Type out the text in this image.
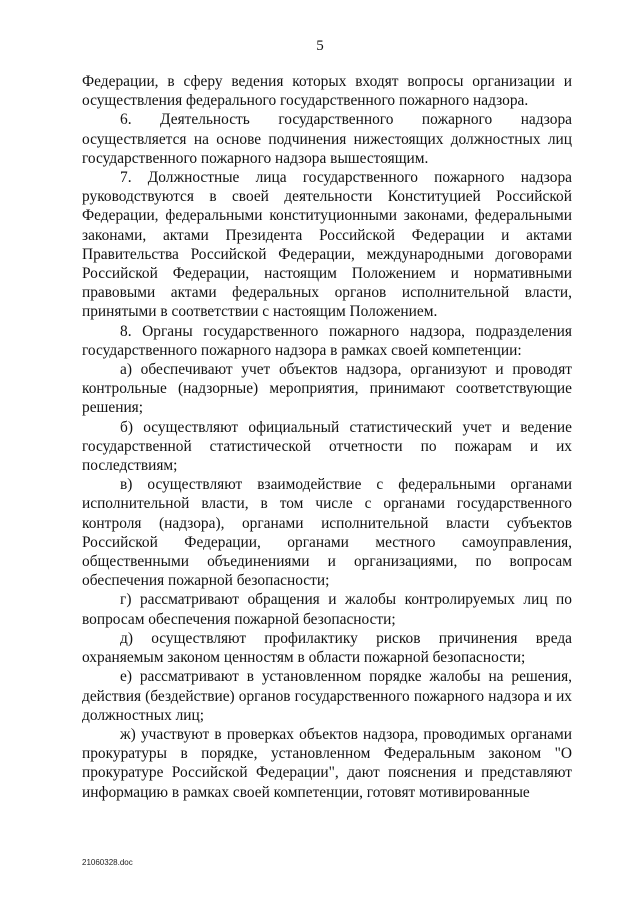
5

Федерации, в сферу ведения которых входят вопросы организации и осуществления федерального государственного пожарного надзора.

6. Деятельность государственного пожарного надзора осуществляется на основе подчинения нижестоящих должностных лиц государственного пожарного надзора вышестоящим.

7. Должностные лица государственного пожарного надзора руководствуются в своей деятельности Конституцией Российской Федерации, федеральными конституционными законами, федеральными законами, актами Президента Российской Федерации и актами Правительства Российской Федерации, международными договорами Российской Федерации, настоящим Положением и нормативными правовыми актами федеральных органов исполнительной власти, принятыми в соответствии с настоящим Положением.

8. Органы государственного пожарного надзора, подразделения государственного пожарного надзора в рамках своей компетенции:

а) обеспечивают учет объектов надзора, организуют и проводят контрольные (надзорные) мероприятия, принимают соответствующие решения;

б) осуществляют официальный статистический учет и ведение государственной статистической отчетности по пожарам и их последствиям;

в) осуществляют взаимодействие с федеральными органами исполнительной власти, в том числе с органами государственного контроля (надзора), органами исполнительной власти субъектов Российской Федерации, органами местного самоуправления, общественными объединениями и организациями, по вопросам обеспечения пожарной безопасности;

г) рассматривают обращения и жалобы контролируемых лиц по вопросам обеспечения пожарной безопасности;

д) осуществляют профилактику рисков причинения вреда охраняемым законом ценностям в области пожарной безопасности;

е) рассматривают в установленном порядке жалобы на решения, действия (бездействие) органов государственного пожарного надзора и их должностных лиц;

ж) участвуют в проверках объектов надзора, проводимых органами прокуратуры в порядке, установленном Федеральным законом "О прокуратуре Российской Федерации", дают пояснения и представляют информацию в рамках своей компетенции, готовят мотивированные

21060328.doc
